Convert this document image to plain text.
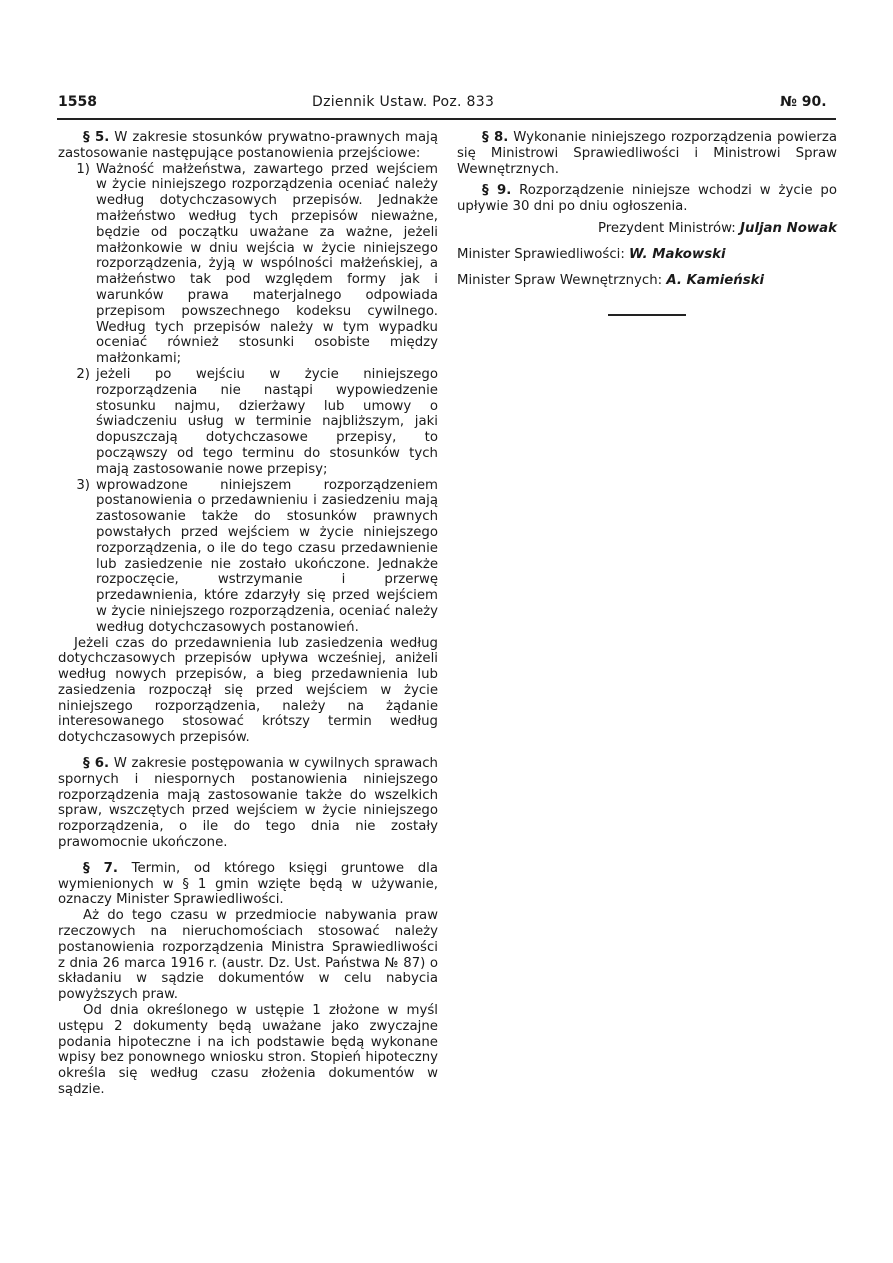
1558	Dziennik Ustaw. Poz. 833	№ 90.

§ 5. W zakresie stosunków prywatno-prawnych mają zastosowanie następujące postanowienia przejściowe:

1) Ważność małżeństwa, zawartego przed wejściem w życie niniejszego rozporządzenia oceniać należy według dotychczasowych przepisów. Jednakże małżeństwo według tych przepisów nieważne, będzie od początku uważane za ważne, jeżeli małżonkowie w dniu wejścia w życie niniejszego rozporządzenia, żyją w wspólności małżeńskiej, a małżeństwo tak pod względem formy jak i warunków prawa materjalnego odpowiada przepisom powszechnego kodeksu cywilnego. Według tych przepisów należy w tym wypadku oceniać również stosunki osobiste między małżonkami;
2) jeżeli po wejściu w życie niniejszego rozporządzenia nie nastąpi wypowiedzenie stosunku najmu, dzierżawy lub umowy o świadczeniu usług w terminie najbliższym, jaki dopuszczają dotychczasowe przepisy, to począwszy od tego terminu do stosunków tych mają zastosowanie nowe przepisy;
3) wprowadzone niniejszem rozporządzeniem postanowienia o przedawnieniu i zasiedzeniu mają zastosowanie także do stosunków prawnych powstałych przed wejściem w życie niniejszego rozporządzenia, o ile do tego czasu przedawnienie lub zasiedzenie nie zostało ukończone. Jednakże rozpoczęcie, wstrzymanie i przerwę przedawnienia, które zdarzyły się przed wejściem w życie niniejszego rozporządzenia, oceniać należy według dotychczasowych postanowień.

Jeżeli czas do przedawnienia lub zasiedzenia według dotychczasowych przepisów upływa wcześniej, aniżeli według nowych przepisów, a bieg przedawnienia lub zasiedzenia rozpoczął się przed wejściem w życie niniejszego rozporządzenia, należy na żądanie interesowanego stosować krótszy termin według dotychczasowych przepisów.

§ 6. W zakresie postępowania w cywilnych sprawach spornych i niespornych postanowienia niniejszego rozporządzenia mają zastosowanie także do wszelkich spraw, wszczętych przed wejściem w życie niniejszego rozporządzenia, o ile do tego dnia nie zostały prawomocnie ukończone.

§ 7. Termin, od którego księgi gruntowe dla wymienionych w § 1 gmin wzięte będą w używanie, oznaczy Minister Sprawiedliwości.

Aż do tego czasu w przedmiocie nabywania praw rzeczowych na nieruchomościach stosować należy postanowienia rozporządzenia Ministra Sprawiedliwości z dnia 26 marca 1916 r. (austr. Dz. Ust. Państwa № 87) o składaniu w sądzie dokumentów w celu nabycia powyższych praw.

Od dnia określonego w ustępie 1 złożone w myśl ustępu 2 dokumenty będą uważane jako zwyczajne podania hipoteczne i na ich podstawie będą wykonane wpisy bez ponownego wniosku stron. Stopień hipoteczny określa się według czasu złożenia dokumentów w sądzie.

§ 8. Wykonanie niniejszego rozporządzenia powierza się Ministrowi Sprawiedliwości i Ministrowi Spraw Wewnętrznych.

§ 9. Rozporządzenie niniejsze wchodzi w życie po upływie 30 dni po dniu ogłoszenia.

Prezydent Ministrów: Juljan Nowak

Minister Sprawiedliwości: W. Makowski

Minister Spraw Wewnętrznych: A. Kamieński
